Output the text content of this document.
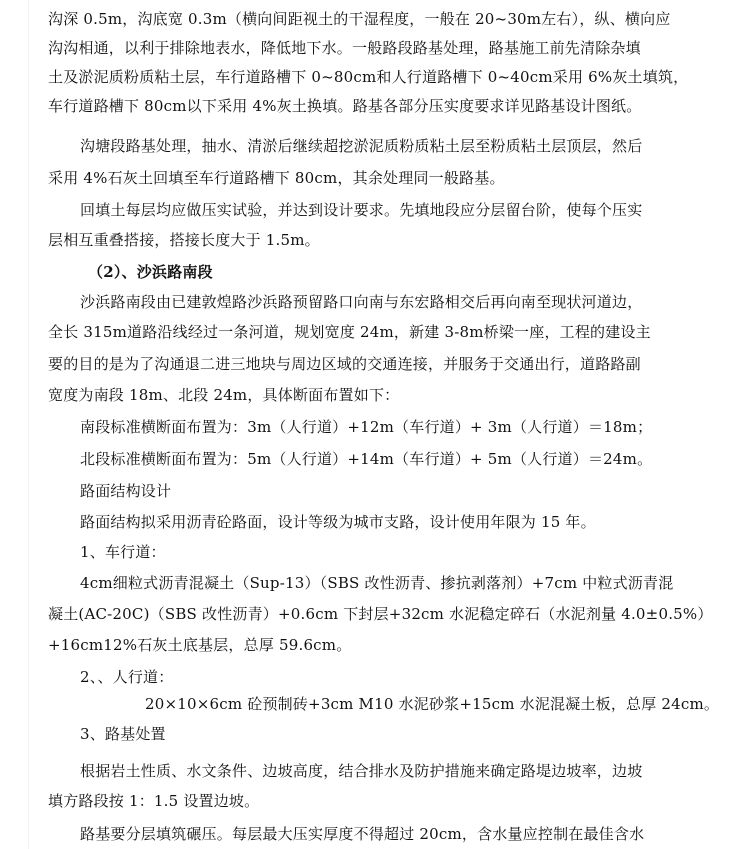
沟深 0.5m，沟底宽 0.3m（横向间距视土的干湿程度，一般在 20~30m左右），纵、横向应
沟沟相通，以利于排除地表水，降低地下水。一般路段路基处理，路基施工前先清除杂填
土及淤泥质粉质粘土层，车行道路槽下 0~80cm和人行道路槽下 0~40cm采用 6%灰土填筑，
车行道路槽下 80cm以下采用 4%灰土换填。路基各部分压实度要求详见路基设计图纸。
沟塘段路基处理，抽水、清淤后继续超挖淤泥质粉质粘土层至粉质粘土层顶层，然后
采用 4%石灰土回填至车行道路槽下 80cm，其余处理同一般路基。
回填土每层均应做压实试验，并达到设计要求。先填地段应分层留台阶，使每个压实
层相互重叠搭接，搭接长度大于 1.5m。
（2）、沙浜路南段
沙浜路南段由已建敦煌路沙浜路预留路口向南与东宏路相交后再向南至现状河道边，
全长 315m道路沿线经过一条河道，规划宽度 24m，新建 3-8m桥梁一座，工程的建设主
要的目的是为了沟通退二进三地块与周边区域的交通连接，并服务于交通出行，道路路副
宽度为南段 18m、北段 24m，具体断面布置如下：
南段标准横断面布置为：3m（人行道）+12m（车行道）+ 3m（人行道）＝18m；
北段标准横断面布置为：5m（人行道）+14m（车行道）+ 5m（人行道）＝24m。
路面结构设计
路面结构拟采用沥青砼路面，设计等级为城市支路，设计使用年限为 15 年。
1、车行道：
4cm细粒式沥青混凝土（Sup-13）（SBS 改性沥青、掺抗剥落剂）+7cm 中粒式沥青混
凝土(AC-20C)（SBS 改性沥青）+0.6cm 下封层+32cm 水泥稳定碎石（水泥剂量 4.0±0.5%）
+16cm12%石灰土底基层，总厚 59.6cm。
2、、人行道：
20×10×6cm 砼预制砖+3cm M10 水泥砂浆+15cm 水泥混凝土板，总厚 24cm。
3、路基处置
根据岩土性质、水文条件、边坡高度，结合排水及防护措施来确定路堤边坡率，边坡
填方路段按 1：1.5 设置边坡。
路基要分层填筑碾压。每层最大压实厚度不得超过 20cm，含水量应控制在最佳含水
